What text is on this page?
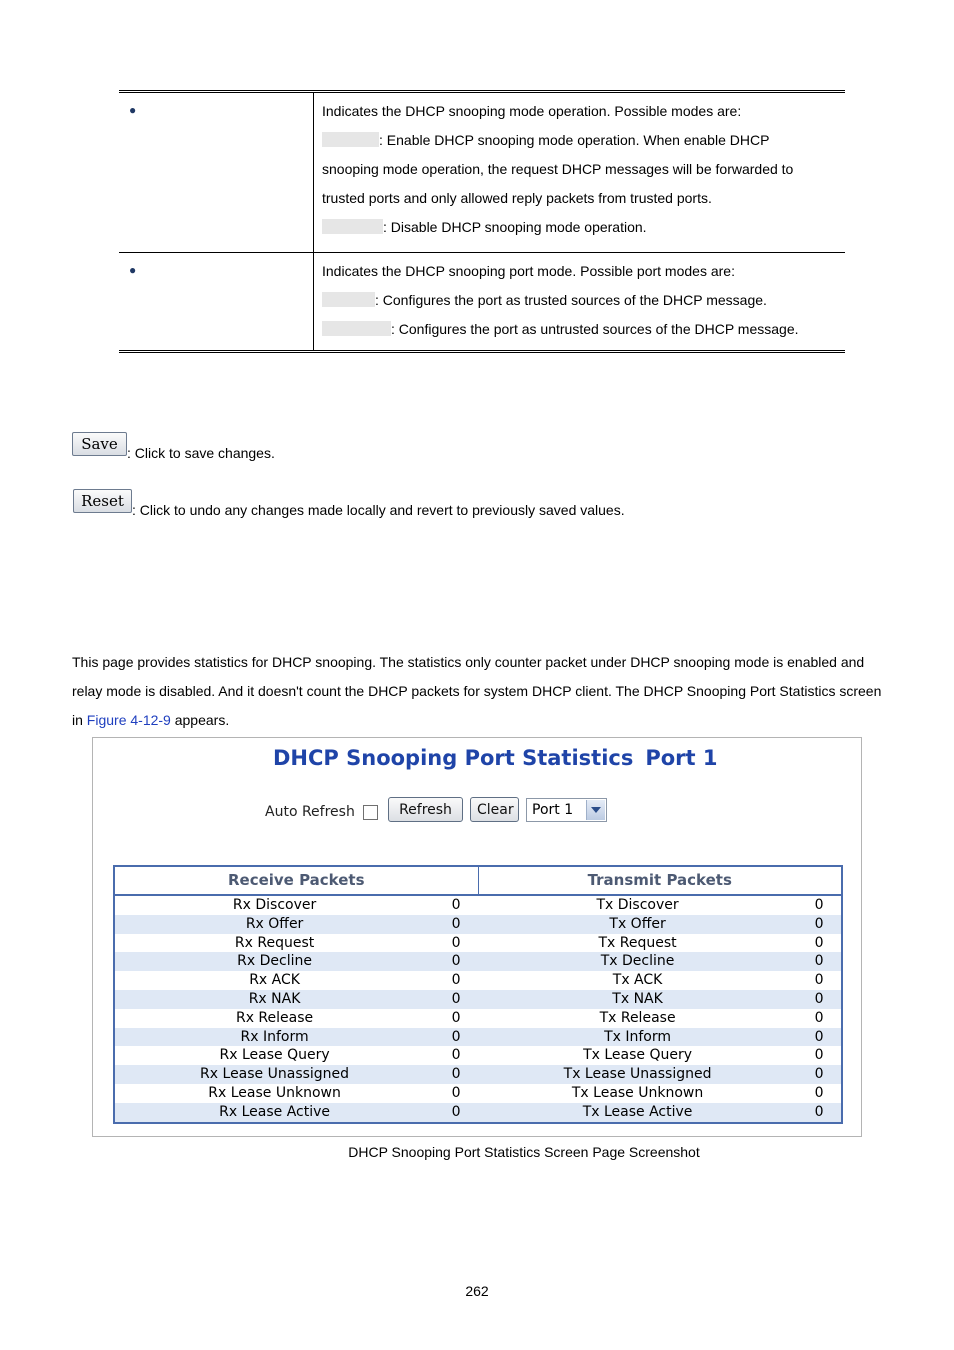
●	Indicates the DHCP snooping mode operation. Possible modes are:
: Enable DHCP snooping mode operation. When enable DHCP
snooping mode operation, the request DHCP messages will be forwarded to
trusted ports and only allowed reply packets from trusted ports.
: Disable DHCP snooping mode operation.
●	Indicates the DHCP snooping port mode. Possible port modes are:
: Configures the port as trusted sources of the DHCP message.
: Configures the port as untrusted sources of the DHCP message.
Save : Click to save changes.
Reset : Click to undo any changes made locally and revert to previously saved values.
This page provides statistics for DHCP snooping. The statistics only counter packet under DHCP snooping mode is enabled and relay mode is disabled. And it doesn't count the DHCP packets for system DHCP client. The DHCP Snooping Port Statistics screen in Figure 4-12-9 appears.
DHCP Snooping Port Statistics Port 1
Auto Refresh	Refresh	Clear	Port 1
Receive Packets	Transmit Packets
Rx Discover	0	Tx Discover	0
Rx Offer	0	Tx Offer	0
Rx Request	0	Tx Request	0
Rx Decline	0	Tx Decline	0
Rx ACK	0	Tx ACK	0
Rx NAK	0	Tx NAK	0
Rx Release	0	Tx Release	0
Rx Inform	0	Tx Inform	0
Rx Lease Query	0	Tx Lease Query	0
Rx Lease Unassigned	0	Tx Lease Unassigned	0
Rx Lease Unknown	0	Tx Lease Unknown	0
Rx Lease Active	0	Tx Lease Active	0
DHCP Snooping Port Statistics Screen Page Screenshot
262
